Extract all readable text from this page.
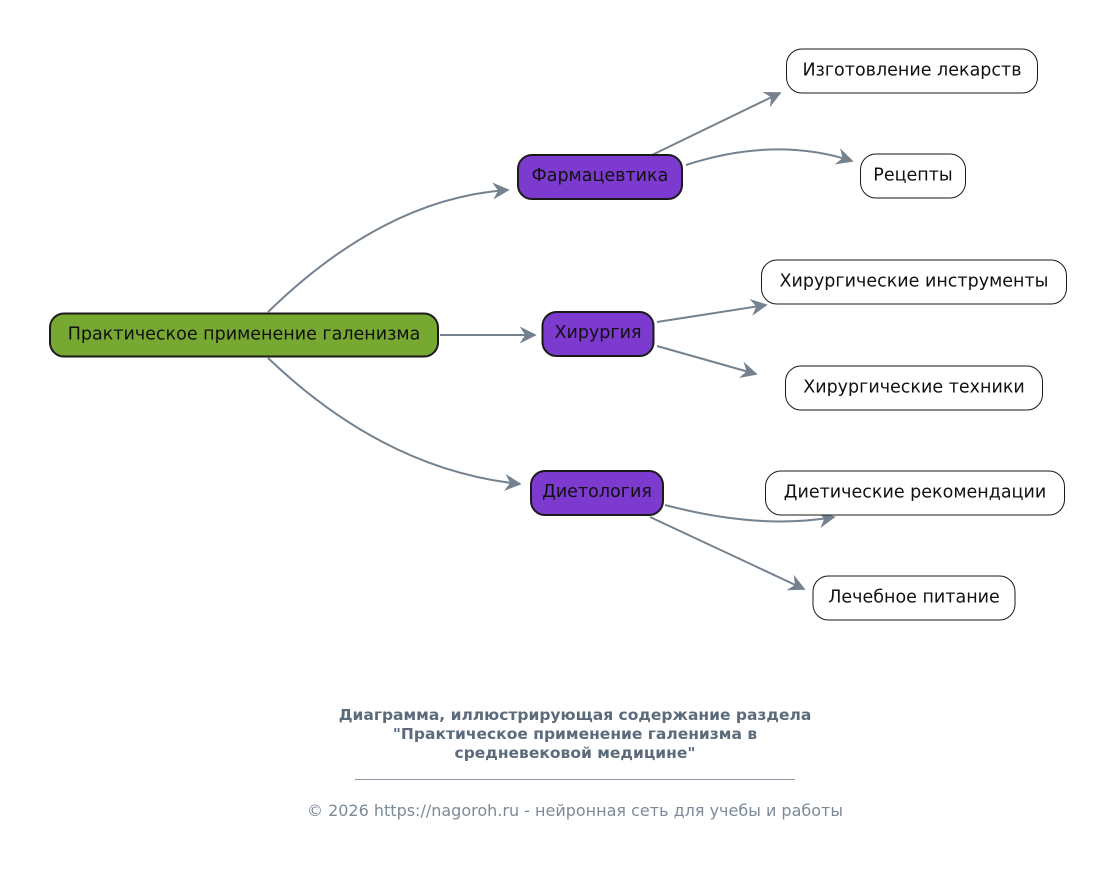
Диаграмма, иллюстрирующая содержание раздела
"Практическое применение галенизма в
средневековой медицине"
© 2026 https://nagoroh.ru - нейронная сеть для учебы и работы
Практическое применение галенизма
Фармацевтика
Хирургия
Диетология
Изготовление лекарств
Рецепты
Хирургические инструменты
Хирургические техники
Диетические рекомендации
Лечебное питание
